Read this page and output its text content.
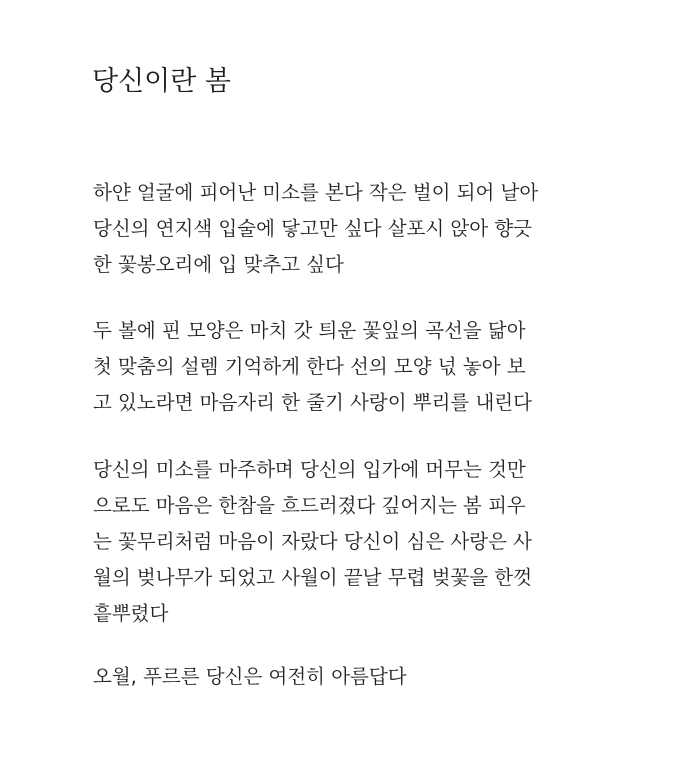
당신이란 봄
하얀 얼굴에 피어난 미소를 본다 작은 벌이 되어 날아
당신의 연지색 입술에 닿고만 싶다 살포시 앉아 향긋
한 꽃봉오리에 입 맞추고 싶다
두 볼에 핀 모양은 마치 갓 틔운 꽃잎의 곡선을 닮아
첫 맞춤의 설렘 기억하게 한다 선의 모양 넋 놓아 보
고 있노라면 마음자리 한 줄기 사랑이 뿌리를 내린다
당신의 미소를 마주하며 당신의 입가에 머무는 것만
으로도 마음은 한참을 흐드러졌다 깊어지는 봄 피우
는 꽃무리처럼 마음이 자랐다 당신이 심은 사랑은 사
월의 벚나무가 되었고 사월이 끝날 무렵 벚꽃을 한껏
흩뿌렸다
오월, 푸르른 당신은 여전히 아름답다
